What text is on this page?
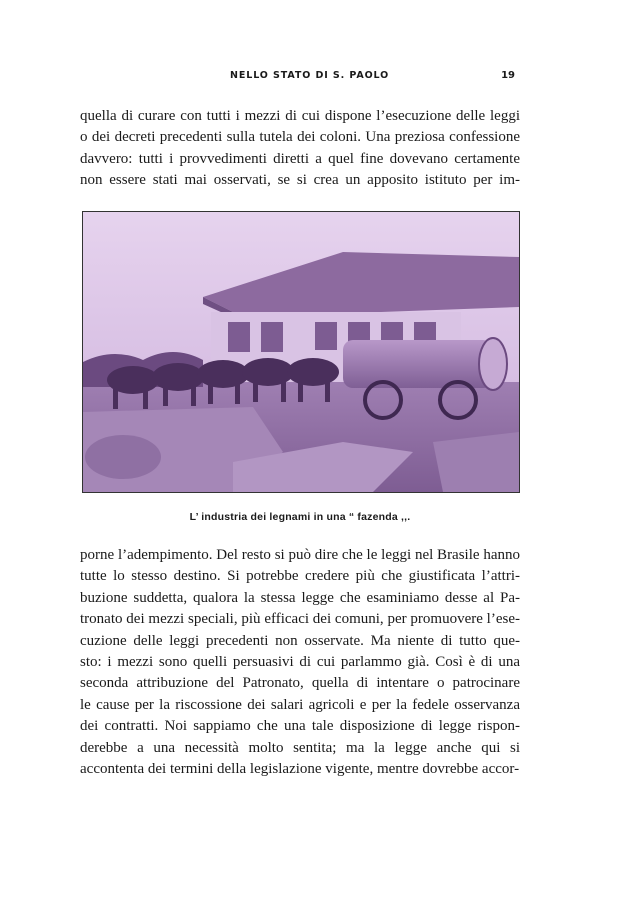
NELLO STATO DI S. PAOLO	19
quella di curare con tutti i mezzi di cui dispone l’esecuzione delle leggi
o dei decreti precedenti sulla tutela dei coloni. Una preziosa confessione
davvero: tutti i provvedimenti diretti a quel fine dovevano certamente
non essere stati mai osservati, se si crea un apposito istituto per im-
L’ industria dei legnami in una “ fazenda ,,.
porne l’adempimento. Del resto si può dire che le leggi nel Brasile hanno
tutte lo stesso destino. Si potrebbe credere più che giustificata l’attri-
buzione suddetta, qualora la stessa legge che esaminiamo desse al Pa-
tronato dei mezzi speciali, più efficaci dei comuni, per promuovere l’ese-
cuzione delle leggi precedenti non osservate. Ma niente di tutto que-
sto: i mezzi sono quelli persuasivi di cui parlammo già. Così è di una
seconda attribuzione del Patronato, quella di intentare o patrocinare
le cause per la riscossione dei salari agricoli e per la fedele osservanza
dei contratti. Noi sappiamo che una tale disposizione di legge rispon-
derebbe a una necessità molto sentita; ma la legge anche qui si
accontenta dei termini della legislazione vigente, mentre dovrebbe accor-
